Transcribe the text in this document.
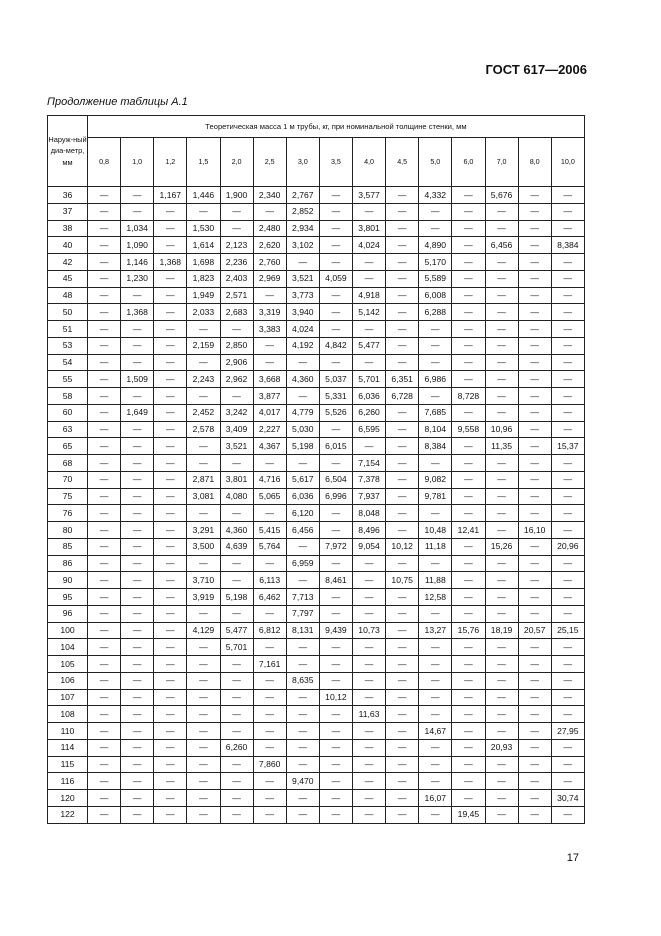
ГОСТ 617—2006
Продолжение таблицы А.1
Наруж-ный диа-метр, мм	Теоретическая масса 1 м трубы, кг, при номинальной толщине стенки, мм														
	0,8	1,0	1,2	1,5	2,0	2,5	3,0	3,5	4,0	4,5	5,0	6,0	7,0	8,0	10,0
36	—	—	1,167	1,446	1,900	2,340	2,767	—	3,577	—	4,332	—	5,676	—	—
37	—	—	—	—	—	—	2,852	—	—	—	—	—	—	—	—
38	—	1,034	—	1,530	—	2,480	2,934	—	3,801	—	—	—	—	—	—
40	—	1,090	—	1,614	2,123	2,620	3,102	—	4,024	—	4,890	—	6,456	—	8,384
42	—	1,146	1,368	1,698	2,236	2,760	—	—	—	—	5,170	—	—	—	—
45	—	1,230	—	1,823	2,403	2,969	3,521	4,059	—	—	5,589	—	—	—	—
48	—	—	—	1,949	2,571	—	3,773	—	4,918	—	6,008	—	—	—	—
50	—	1,368	—	2,033	2,683	3,319	3,940	—	5,142	—	6,288	—	—	—	—
51	—	—	—	—	—	3,383	4,024	—	—	—	—	—	—	—	—
53	—	—	—	2,159	2,850	—	4,192	4,842	5,477	—	—	—	—	—	—
54	—	—	—	—	2,906	—	—	—	—	—	—	—	—	—	—
55	—	1,509	—	2,243	2,962	3,668	4,360	5,037	5,701	6,351	6,986	—	—	—	—
58	—	—	—	—	—	3,877	—	5,331	6,036	6,728	—	8,728	—	—	—
60	—	1,649	—	2,452	3,242	4,017	4,779	5,526	6,260	—	7,685	—	—	—	—
63	—	—	—	2,578	3,409	2,227	5,030	—	6,595	—	8,104	9,558	10,96	—	—
65	—	—	—	—	3,521	4,367	5,198	6,015	—	—	8,384	—	11,35	—	15,37
68	—	—	—	—	—	—	—	—	7,154	—	—	—	—	—	—
70	—	—	—	2,871	3,801	4,716	5,617	6,504	7,378	—	9,082	—	—	—	—
75	—	—	—	3,081	4,080	5,065	6,036	6,996	7,937	—	9,781	—	—	—	—
76	—	—	—	—	—	—	6,120	—	8,048	—	—	—	—	—	—
80	—	—	—	3,291	4,360	5,415	6,456	—	8,496	—	10,48	12,41	—	16,10	—
85	—	—	—	3,500	4,639	5,764	—	7,972	9,054	10,12	11,18	—	15,26	—	20,96
86	—	—	—	—	—	—	6,959	—	—	—	—	—	—	—	—
90	—	—	—	3,710	—	6,113	—	8,461	—	10,75	11,88	—	—	—	—
95	—	—	—	3,919	5,198	6,462	7,713	—	—	—	12,58	—	—	—	—
96	—	—	—	—	—	—	7,797	—	—	—	—	—	—	—	—
100	—	—	—	4,129	5,477	6,812	8,131	9,439	10,73	—	13,27	15,76	18,19	20,57	25,15
104	—	—	—	—	5,701	—	—	—	—	—	—	—	—	—	—
105	—	—	—	—	—	7,161	—	—	—	—	—	—	—	—	—
106	—	—	—	—	—	—	8,635	—	—	—	—	—	—	—	—
107	—	—	—	—	—	—	—	10,12	—	—	—	—	—	—	—
108	—	—	—	—	—	—	—	—	11,63	—	—	—	—	—	—
110	—	—	—	—	—	—	—	—	—	—	14,67	—	—	—	27,95
114	—	—	—	—	6,260	—	—	—	—	—	—	—	20,93	—	—
115	—	—	—	—	—	7,860	—	—	—	—	—	—	—	—	—
116	—	—	—	—	—	—	9,470	—	—	—	—	—	—	—	—
120	—	—	—	—	—	—	—	—	—	—	16,07	—	—	—	30,74
122	—	—	—	—	—	—	—	—	—	—	—	19,45	—	—	—
17
